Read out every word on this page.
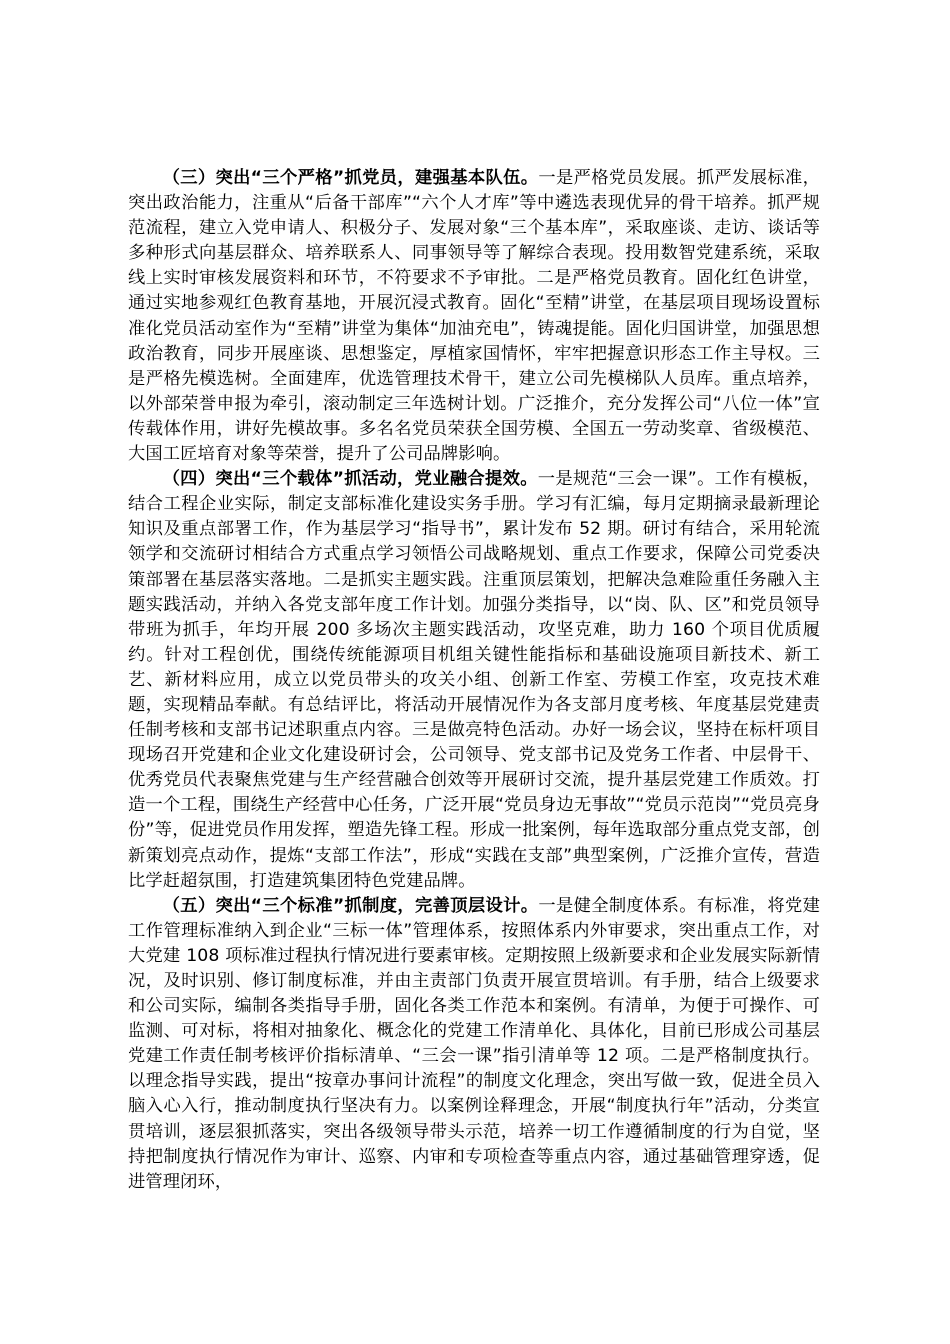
（三）突出“三个严格”抓党员，建强基本队伍。一是严格党员发展。抓严发展标准，突出政治能力，注重从“后备干部库”“六个人才库”等中遴选表现优异的骨干培养。抓严规范流程，建立入党申请人、积极分子、发展对象“三个基本库”，采取座谈、走访、谈话等多种形式向基层群众、培养联系人、同事领导等了解综合表现。投用数智党建系统，采取线上实时审核发展资料和环节，不符要求不予审批。二是严格党员教育。固化红色讲堂，通过实地参观红色教育基地，开展沉浸式教育。固化“至精”讲堂，在基层项目现场设置标准化党员活动室作为“至精”讲堂为集体“加油充电”，铸魂提能。固化归国讲堂，加强思想政治教育，同步开展座谈、思想鉴定，厚植家国情怀，牢牢把握意识形态工作主导权。三是严格先模选树。全面建库，优选管理技术骨干，建立公司先模梯队人员库。重点培养，以外部荣誉申报为牵引，滚动制定三年选树计划。广泛推介，充分发挥公司“八位一体”宣传载体作用，讲好先模故事。多名名党员荣获全国劳模、全国五一劳动奖章、省级模范、大国工匠培育对象等荣誉，提升了公司品牌影响。

（四）突出“三个载体”抓活动，党业融合提效。一是规范“三会一课”。工作有模板，结合工程企业实际，制定支部标准化建设实务手册。学习有汇编，每月定期摘录最新理论知识及重点部署工作，作为基层学习“指导书”，累计发布 52 期。研讨有结合，采用轮流领学和交流研讨相结合方式重点学习领悟公司战略规划、重点工作要求，保障公司党委决策部署在基层落实落地。二是抓实主题实践。注重顶层策划，把解决急难险重任务融入主题实践活动，并纳入各党支部年度工作计划。加强分类指导，以“岗、队、区”和党员领导带班为抓手，年均开展 200 多场次主题实践活动，攻坚克难，助力 160 个项目优质履约。针对工程创优，围绕传统能源项目机组关键性能指标和基础设施项目新技术、新工艺、新材料应用，成立以党员带头的攻关小组、创新工作室、劳模工作室，攻克技术难题，实现精品奉献。有总结评比，将活动开展情况作为各支部月度考核、年度基层党建责任制考核和支部书记述职重点内容。三是做亮特色活动。办好一场会议，坚持在标杆项目现场召开党建和企业文化建设研讨会，公司领导、党支部书记及党务工作者、中层骨干、优秀党员代表聚焦党建与生产经营融合创效等开展研讨交流，提升基层党建工作质效。打造一个工程，围绕生产经营中心任务，广泛开展“党员身边无事故”“党员示范岗”“党员亮身份”等，促进党员作用发挥，塑造先锋工程。形成一批案例，每年选取部分重点党支部，创新策划亮点动作，提炼“支部工作法”，形成“实践在支部”典型案例，广泛推介宣传，营造比学赶超氛围，打造建筑集团特色党建品牌。

（五）突出“三个标准”抓制度，完善顶层设计。一是健全制度体系。有标准，将党建工作管理标准纳入到企业“三标一体”管理体系，按照体系内外审要求，突出重点工作，对大党建 108 项标准过程执行情况进行要素审核。定期按照上级新要求和企业发展实际新情况，及时识别、修订制度标准，并由主责部门负责开展宣贯培训。有手册，结合上级要求和公司实际，编制各类指导手册，固化各类工作范本和案例。有清单，为便于可操作、可监测、可对标，将相对抽象化、概念化的党建工作清单化、具体化，目前已形成公司基层党建工作责任制考核评价指标清单、“三会一课”指引清单等 12 项。二是严格制度执行。以理念指导实践，提出“按章办事问计流程”的制度文化理念，突出写做一致，促进全员入脑入心入行，推动制度执行坚决有力。以案例诠释理念，开展“制度执行年”活动，分类宣贯培训，逐层狠抓落实，突出各级领导带头示范，培养一切工作遵循制度的行为自觉，坚持把制度执行情况作为审计、巡察、内审和专项检查等重点内容，通过基础管理穿透，促进管理闭环，
